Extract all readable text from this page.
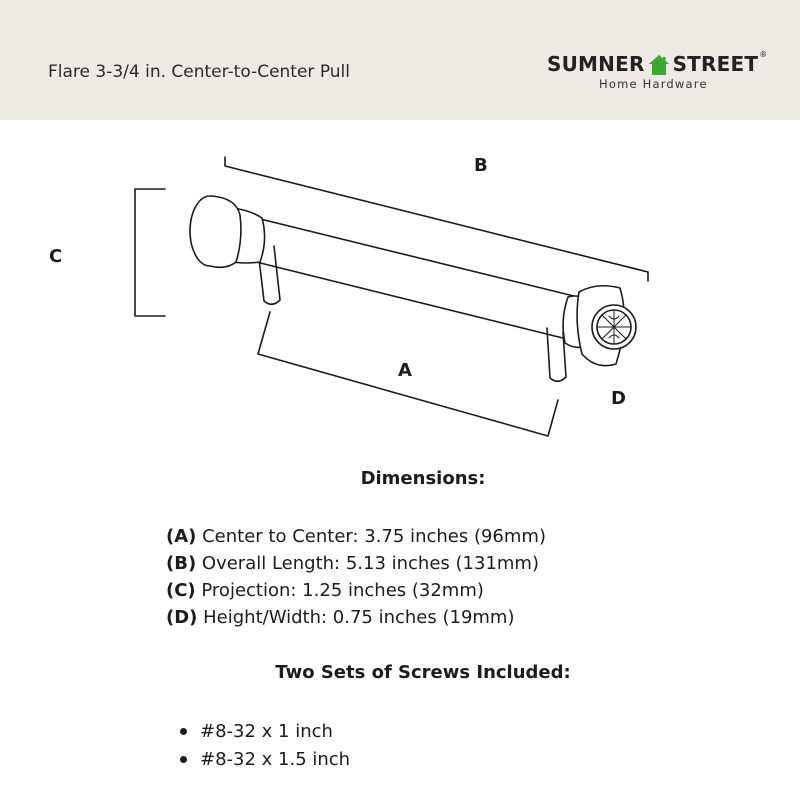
Flare 3-3/4 in. Center-to-Center Pull	SUMNER STREET ®
Home Hardware
B
C
A
D
Dimensions:
(A) Center to Center: 3.75 inches (96mm)
(B) Overall Length: 5.13 inches (131mm)
(C) Projection: 1.25 inches (32mm)
(D) Height/Width: 0.75 inches (19mm)
Two Sets of Screws Included:
#8-32 x 1 inch
#8-32 x 1.5 inch
